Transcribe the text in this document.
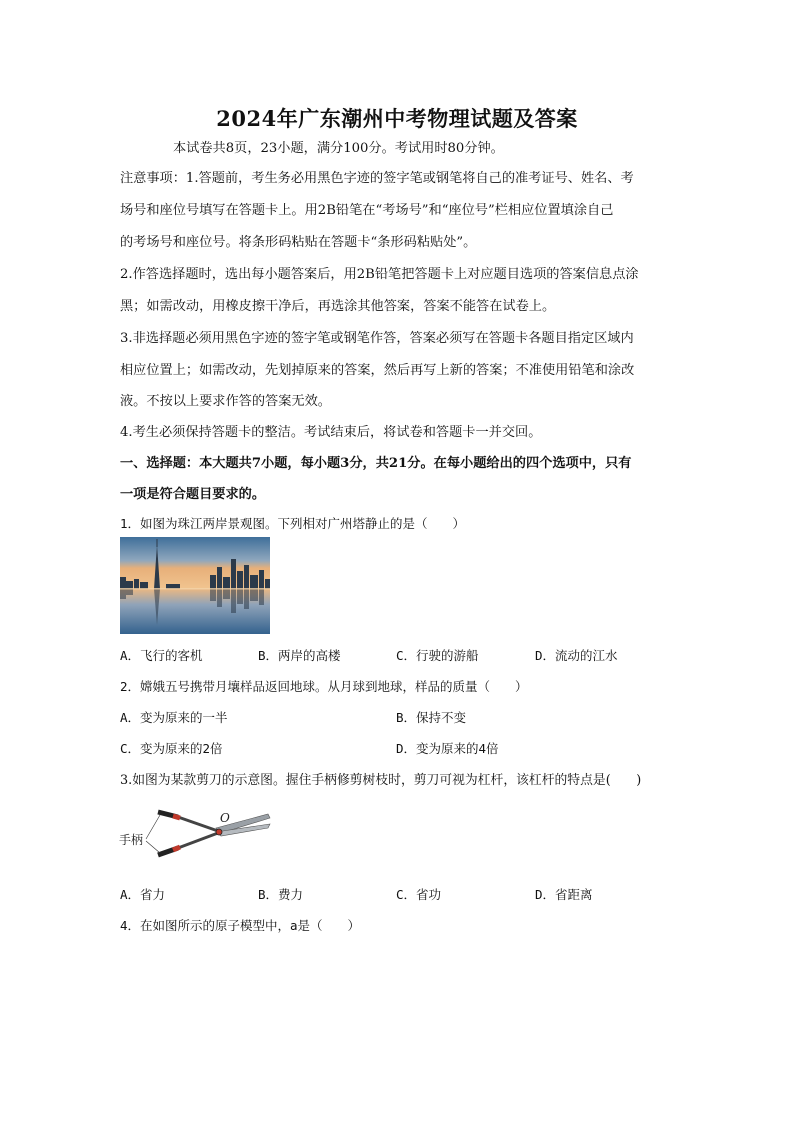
2024年广东潮州中考物理试题及答案
本试卷共8页，23小题，满分100分。考试用时80分钟。
注意事项：1.答题前，考生务必用黑色字迹的签字笔或钢笔将自己的准考证号、姓名、考
场号和座位号填写在答题卡上。用2B铅笔在“考场号”和“座位号”栏相应位置填涂自己
的考场号和座位号。将条形码粘贴在答题卡“条形码粘贴处”。
2.作答选择题时，选出每小题答案后，用2B铅笔把答题卡上对应题目选项的答案信息点涂
黑；如需改动，用橡皮擦干净后，再选涂其他答案，答案不能答在试卷上。
3.非选择题必须用黑色字迹的签字笔或钢笔作答，答案必须写在答题卡各题目指定区域内
相应位置上；如需改动，先划掉原来的答案，然后再写上新的答案；不准使用铅笔和涂改
液。不按以上要求作答的答案无效。
4.考生必须保持答题卡的整洁。考试结束后，将试卷和答题卡一并交回。
一、选择题：本大题共7小题，每小题3分，共21分。在每小题给出的四个选项中，只有
一项是符合题目要求的。
1．如图为珠江两岸景观图。下列相对广州塔静止的是（　　）
A．飞行的客机	B．两岸的高楼	C．行驶的游船	D．流动的江水
2．嫦娥五号携带月壤样品返回地球。从月球到地球，样品的质量（　　）
A．变为原来的一半	B．保持不变
C．变为原来的2倍	D．变为原来的4倍
3.如图为某款剪刀的示意图。握住手柄修剪树枝时，剪刀可视为杠杆，该杠杆的特点是(　　)
手柄
O
A．省力	B．费力	C．省功	D．省距离
4．在如图所示的原子模型中，a是（　　）
